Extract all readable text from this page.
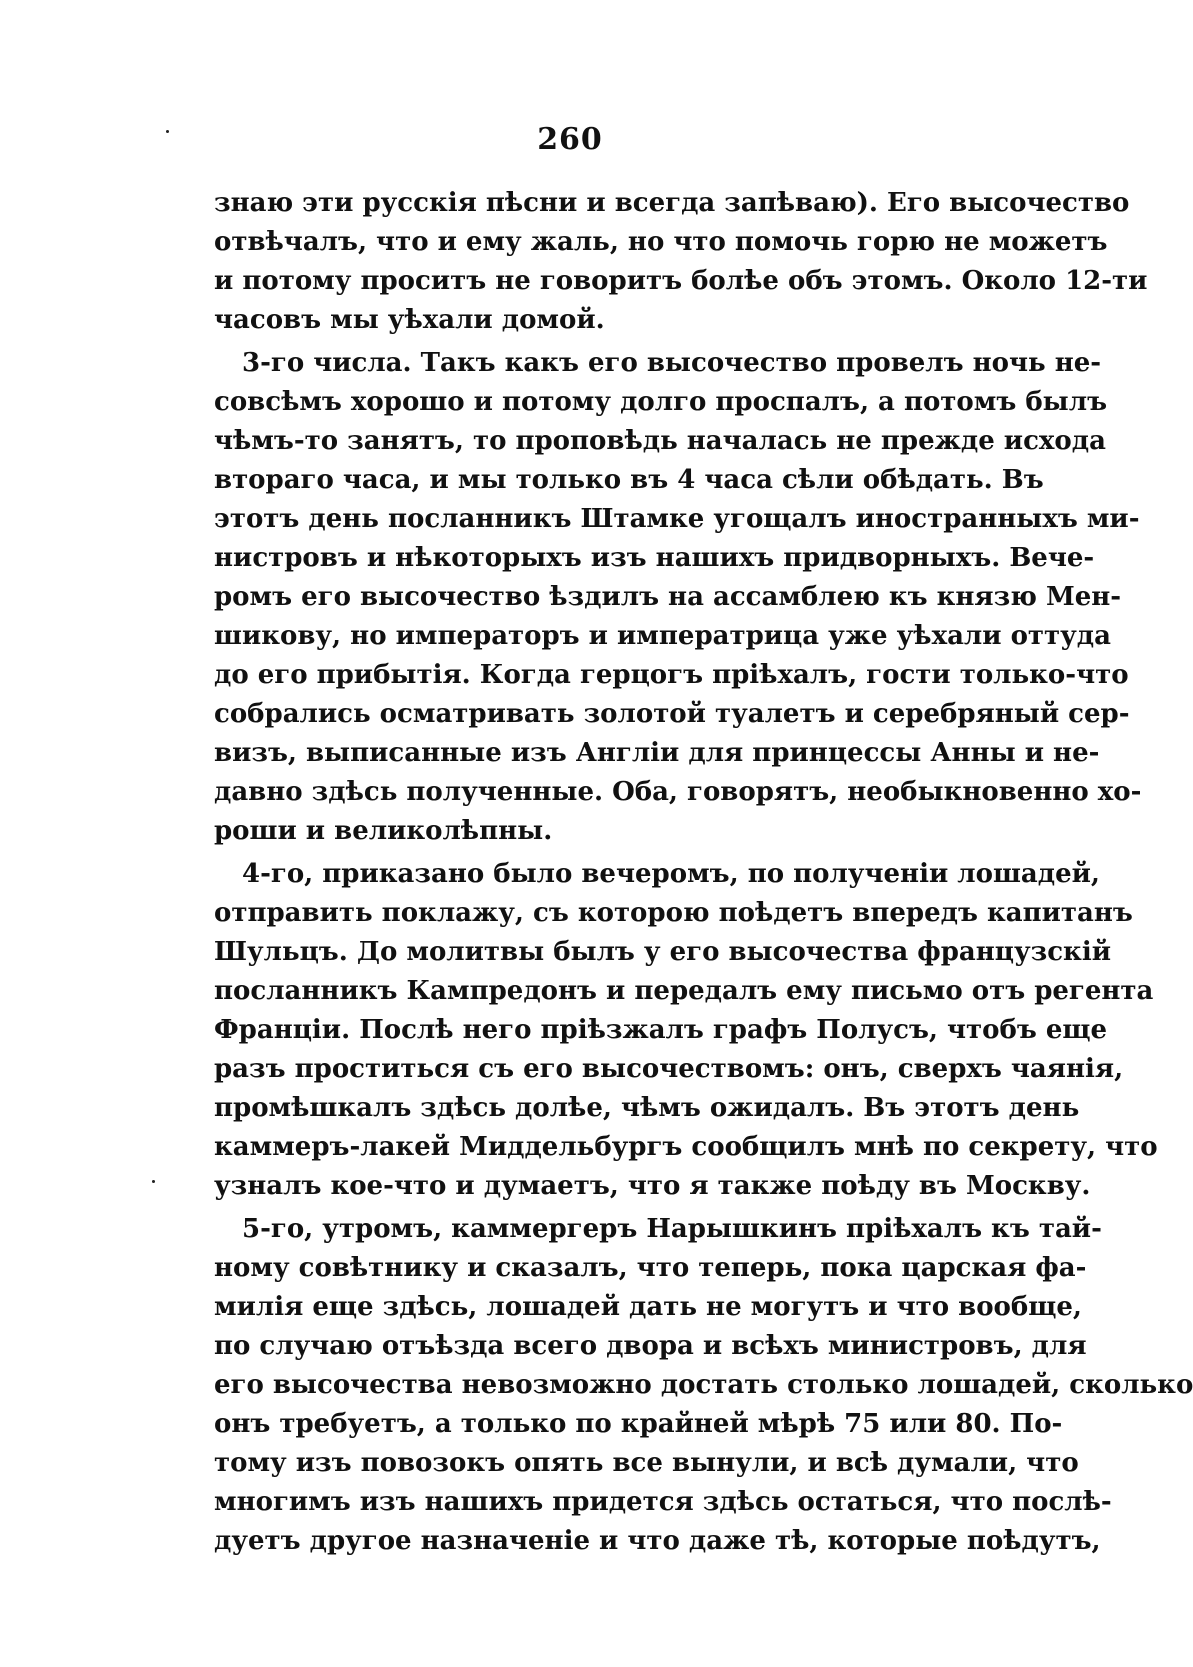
260
знаю эти русскія пѣсни и всегда запѣваю). Его высочество
отвѣчалъ, что и ему жаль, но что помочь горю не можетъ
и потому проситъ не говоритъ болѣе объ этомъ. Около 12-ти
часовъ мы уѣхали домой.
3-го числа. Такъ какъ его высочество провелъ ночь не-
совсѣмъ хорошо и потому долго проспалъ, а потомъ былъ
чѣмъ-то занятъ, то проповѣдь началась не прежде исхода
втораго часа, и мы только въ 4 часа сѣли обѣдать. Въ
этотъ день посланникъ Штамке угощалъ иностранныхъ ми-
нистровъ и нѣкоторыхъ изъ нашихъ придворныхъ. Вече-
ромъ его высочество ѣздилъ на ассамблею къ князю Мен-
шикову, но императоръ и императрица уже уѣхали оттуда
до его прибытія. Когда герцогъ пріѣхалъ, гости только-что
собрались осматривать золотой туалетъ и серебряный сер-
визъ, выписанные изъ Англіи для принцессы Анны и не-
давно здѣсь полученные. Оба, говорятъ, необыкновенно хо-
роши и великолѣпны.
4-го, приказано было вечеромъ, по полученіи лошадей,
отправить поклажу, съ которою поѣдетъ впередъ капитанъ
Шульцъ. До молитвы былъ у его высочества французскій
посланникъ Кампредонъ и передалъ ему письмо отъ регента
Франціи. Послѣ него пріѣзжалъ графъ Полусъ, чтобъ еще
разъ проститься съ его высочествомъ: онъ, сверхъ чаянія,
промѣшкалъ здѣсь долѣе, чѣмъ ожидалъ. Въ этотъ день
каммеръ-лакей Миддельбургъ сообщилъ мнѣ по секрету, что
узналъ кое-что и думаетъ, что я также поѣду въ Москву.
5-го, утромъ, каммергеръ Нарышкинъ пріѣхалъ къ тай-
ному совѣтнику и сказалъ, что теперь, пока царская фа-
милія еще здѣсь, лошадей дать не могутъ и что вообще,
по случаю отъѣзда всего двора и всѣхъ министровъ, для
его высочества невозможно достать столько лошадей, сколько
онъ требуетъ, а только по крайней мѣрѣ 75 или 80. По-
тому изъ повозокъ опять все вынули, и всѣ думали, что
многимъ изъ нашихъ придется здѣсь остаться, что послѣ-
дуетъ другое назначеніе и что даже тѣ, которые поѣдутъ,
